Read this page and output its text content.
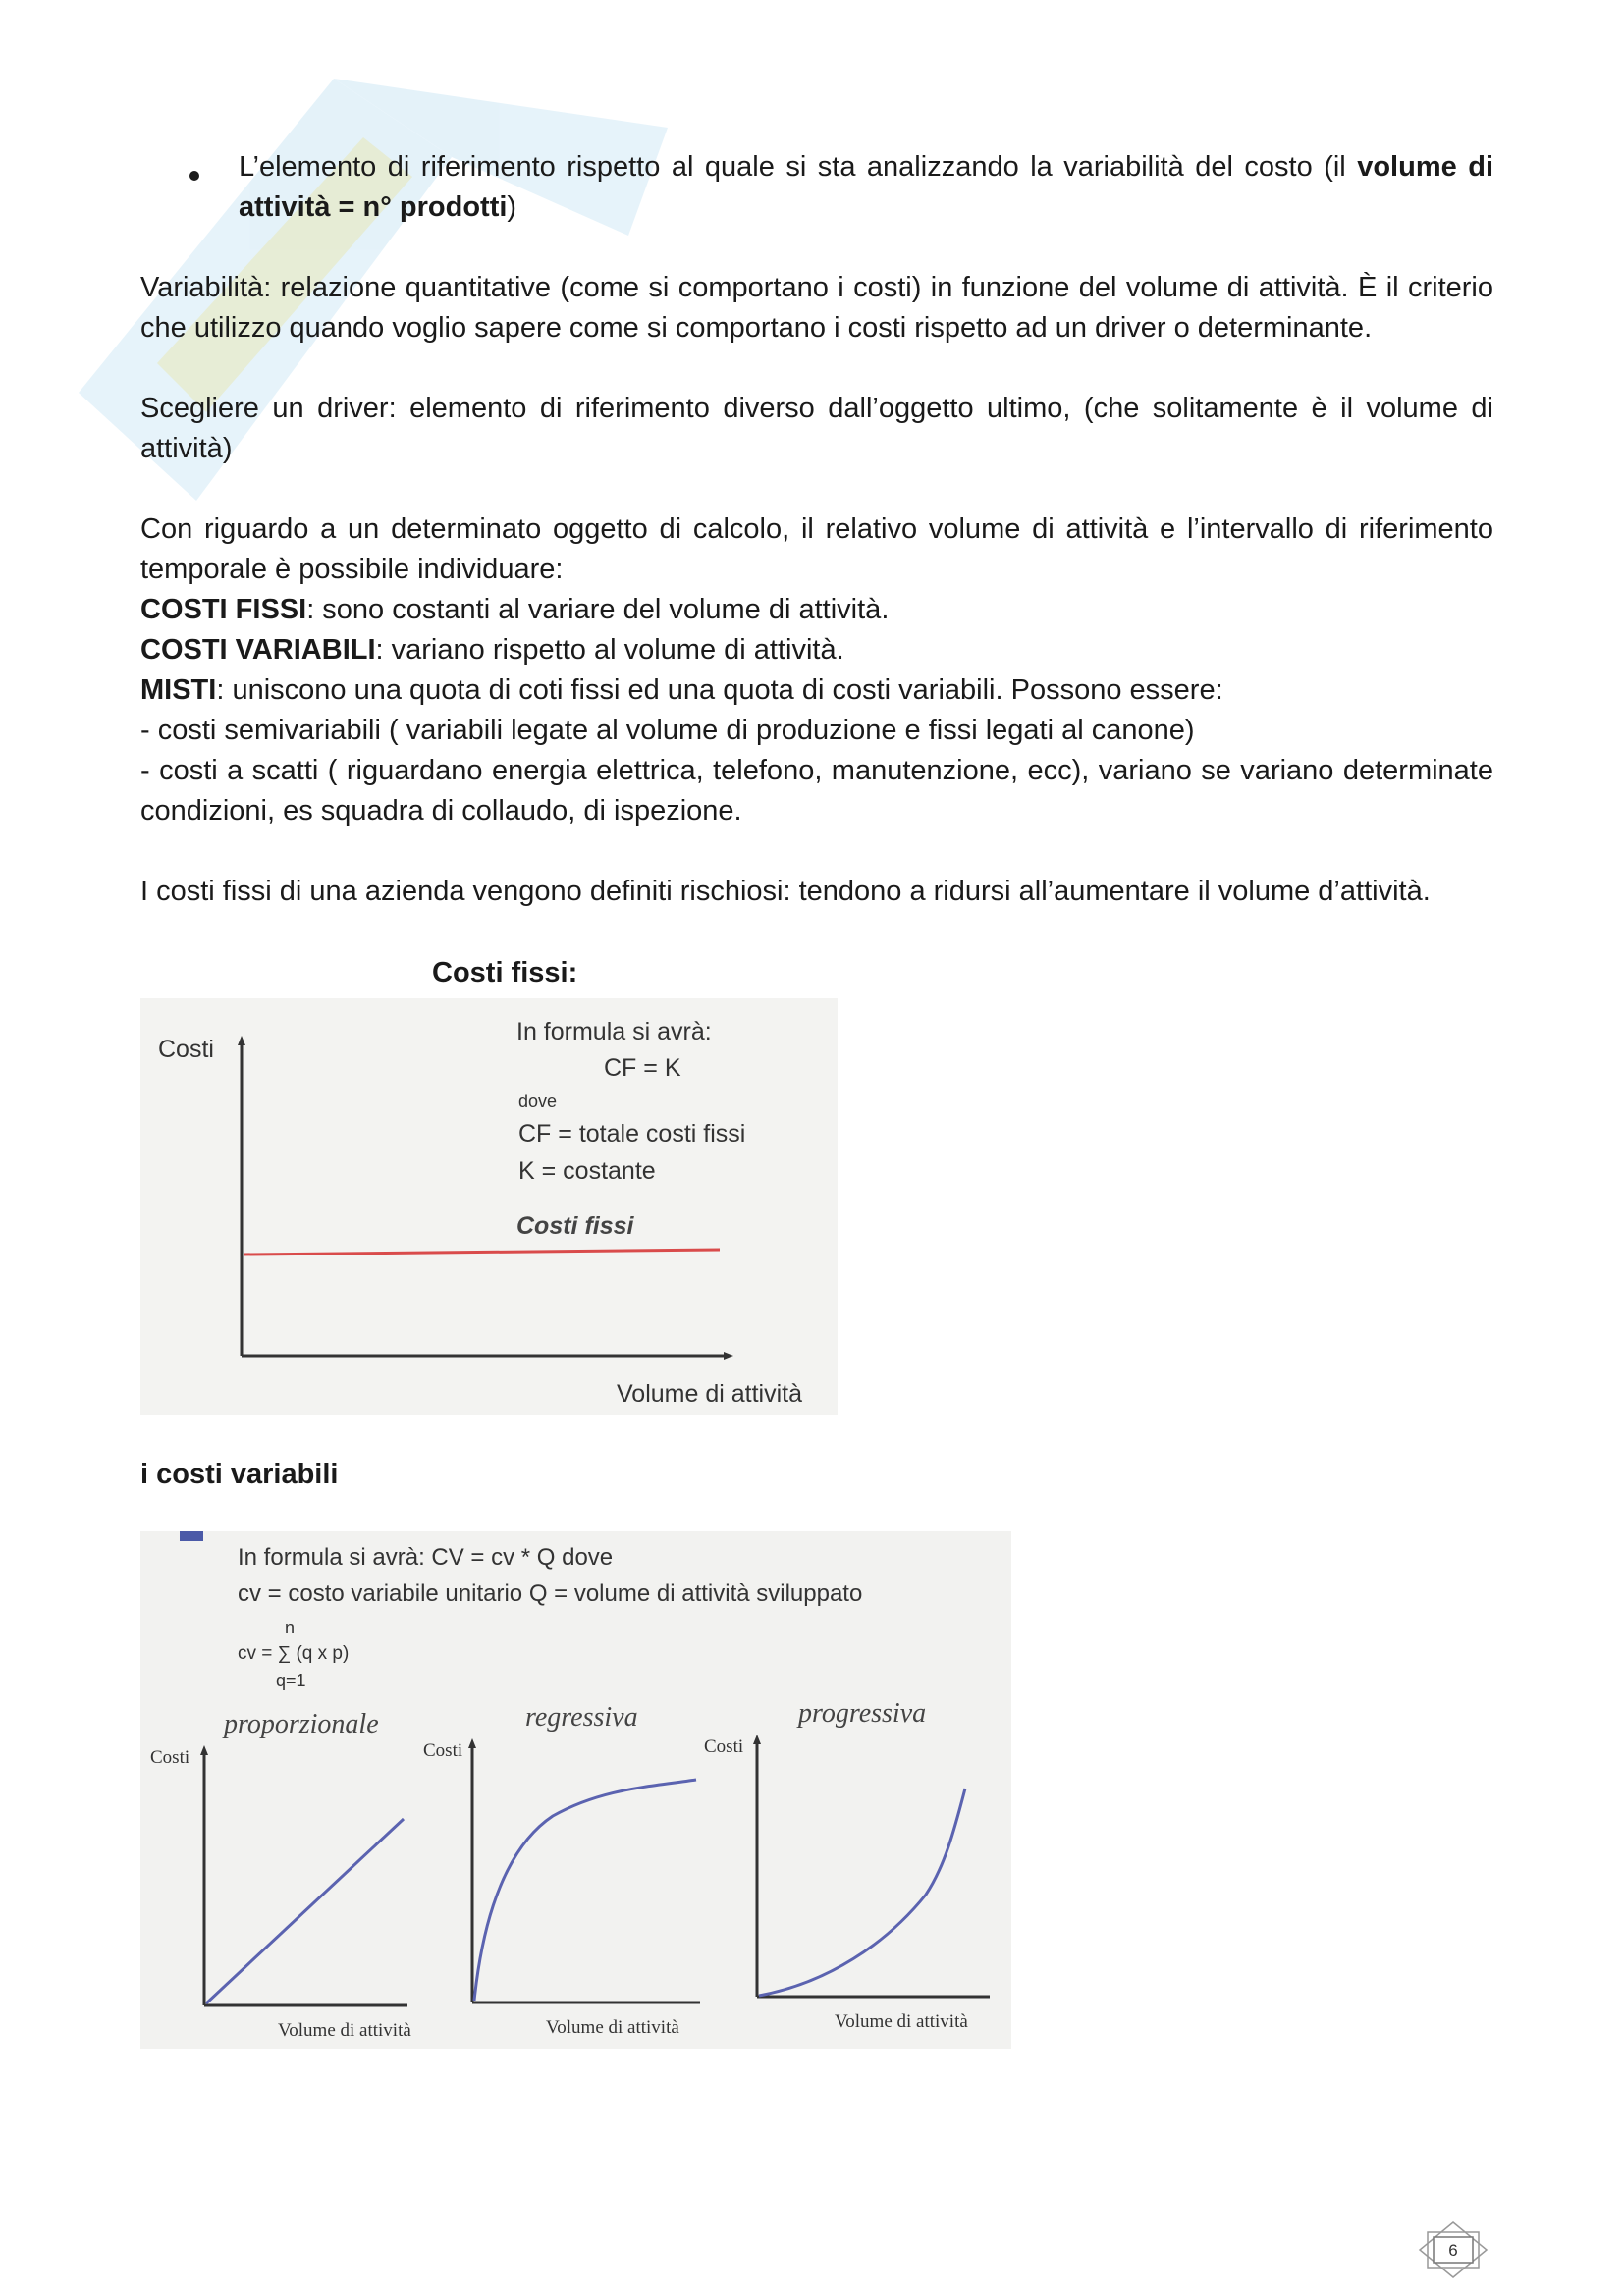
L’elemento di riferimento rispetto al quale si sta analizzando la variabilità del costo (il volume di attività = n° prodotti)
Variabilità: relazione quantitative (come si comportano i costi) in funzione del volume di attività. È il criterio che utilizzo quando voglio sapere come si comportano i costi rispetto ad un driver o determinante.
Scegliere un driver: elemento di riferimento diverso dall’oggetto ultimo, (che solitamente è il volume di attività)
Con riguardo a un determinato oggetto di calcolo, il relativo volume di attività e l’intervallo di riferimento temporale è possibile individuare:
COSTI FISSI: sono costanti al variare del volume di attività.
COSTI VARIABILI: variano rispetto al volume di attività.
MISTI: uniscono una quota di coti fissi ed una quota di costi variabili. Possono essere:
- costi semivariabili ( variabili legate al volume di produzione e fissi legati al canone)
- costi a scatti ( riguardano energia elettrica, telefono, manutenzione, ecc), variano se variano determinate condizioni, es squadra di collaudo, di ispezione.
I costi fissi di una azienda vengono definiti rischiosi: tendono a ridursi all’aumentare il volume d’attività.
Costi fissi:
Costi
Costi fissi
In formula si avrà:
CF = K
dove
CF = totale costi fissi
K = costante
Volume di attività
i costi variabili
In formula si avrà: CV = cv * Q dove
cv = costo variabile unitario Q = volume di attività sviluppato
n
cv = ∑ (q x p)
q=1
proporzionale
Costi
Volume di attività
regressiva
Costi
Volume di attività
progressiva
Costi
Volume di attività
6
